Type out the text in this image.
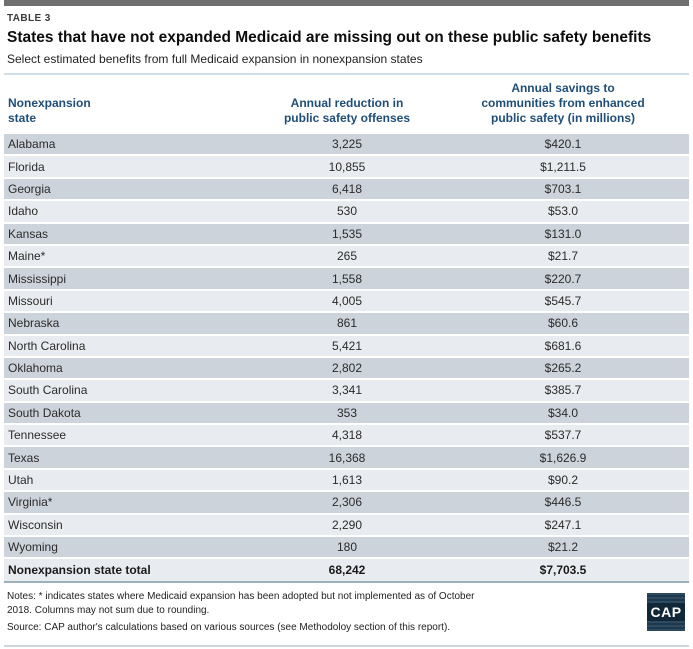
TABLE 3
States that have not expanded Medicaid are missing out on these public safety benefits
Select estimated benefits from full Medicaid expansion in nonexpansion states
Nonexpansion state
Annual reduction in public safety offenses
Annual savings to communities from enhanced public safety (in millions)
Alabama	3,225	$420.1
Florida	10,855	$1,211.5
Georgia	6,418	$703.1
Idaho	530	$53.0
Kansas	1,535	$131.0
Maine*	265	$21.7
Mississippi	1,558	$220.7
Missouri	4,005	$545.7
Nebraska	861	$60.6
North Carolina	5,421	$681.6
Oklahoma	2,802	$265.2
South Carolina	3,341	$385.7
South Dakota	353	$34.0
Tennessee	4,318	$537.7
Texas	16,368	$1,626.9
Utah	1,613	$90.2
Virginia*	2,306	$446.5
Wisconsin	2,290	$247.1
Wyoming	180	$21.2
Nonexpansion state total	68,242	$7,703.5

Notes: * indicates states where Medicaid expansion has been adopted but not implemented as of October 2018. Columns may not sum due to rounding.

Source: CAP author's calculations based on various sources (see Methodoloy section of this report).

CAP
